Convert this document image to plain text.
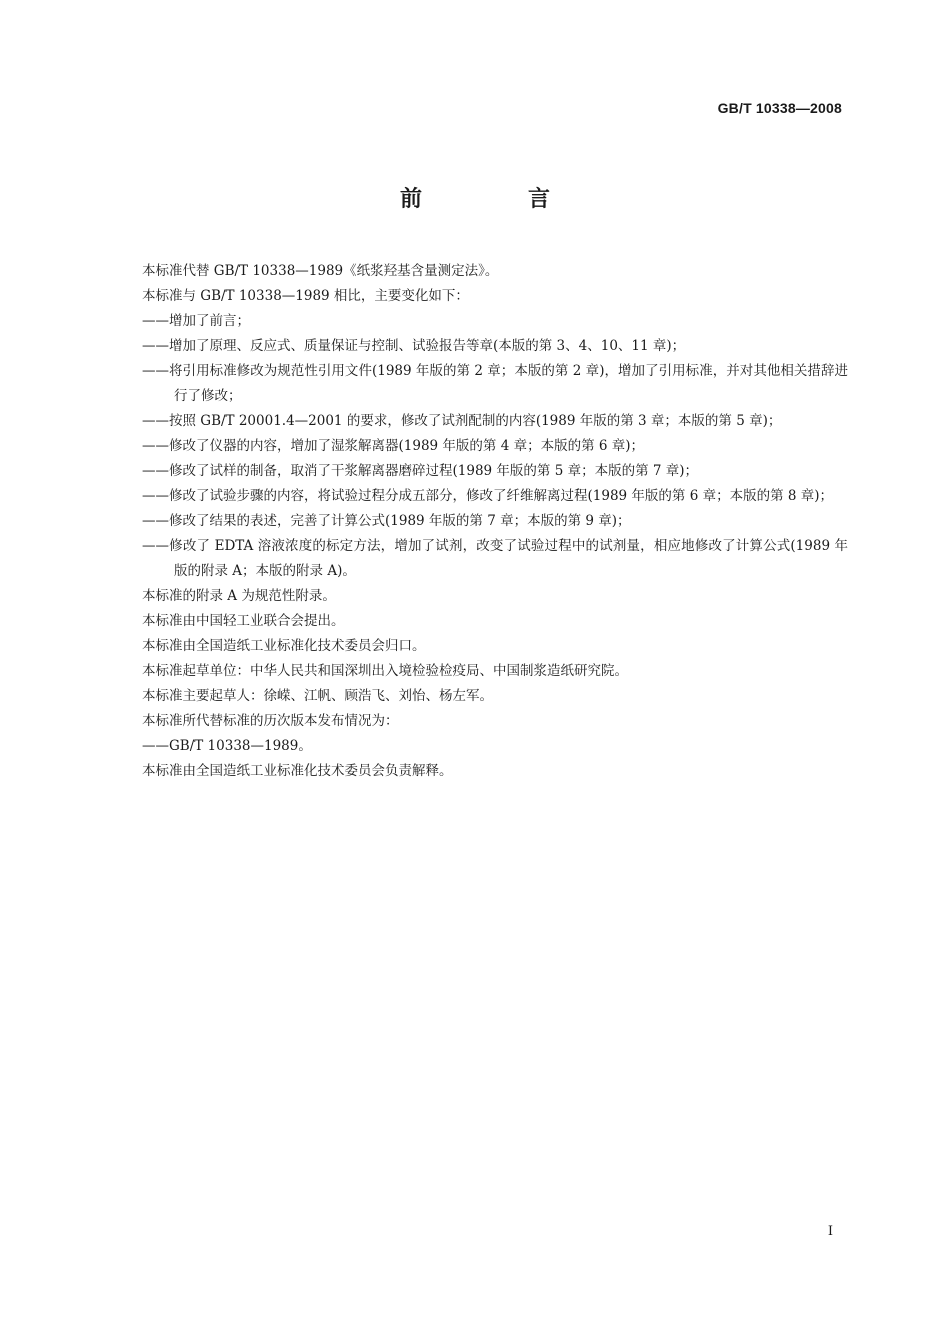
GB/T 10338—2008
前　言

本标准代替 GB/T 10338—1989《纸浆羟基含量测定法》。

本标准与 GB/T 10338—1989 相比，主要变化如下：

——增加了前言；

——增加了原理、反应式、质量保证与控制、试验报告等章(本版的第 3、4、10、11 章)；

——将引用标准修改为规范性引用文件(1989 年版的第 2 章；本版的第 2 章)，增加了引用标准，并对其他相关措辞进行了修改；

——按照 GB/T 20001.4—2001 的要求，修改了试剂配制的内容(1989 年版的第 3 章；本版的第 5 章)；

——修改了仪器的内容，增加了湿浆解离器(1989 年版的第 4 章；本版的第 6 章)；

——修改了试样的制备，取消了干浆解离器磨碎过程(1989 年版的第 5 章；本版的第 7 章)；

——修改了试验步骤的内容，将试验过程分成五部分，修改了纤维解离过程(1989 年版的第 6 章；本版的第 8 章)；

——修改了结果的表述，完善了计算公式(1989 年版的第 7 章；本版的第 9 章)；

——修改了 EDTA 溶液浓度的标定方法，增加了试剂，改变了试验过程中的试剂量，相应地修改了计算公式(1989 年版的附录 A；本版的附录 A)。

本标准的附录 A 为规范性附录。

本标准由中国轻工业联合会提出。

本标准由全国造纸工业标准化技术委员会归口。

本标准起草单位：中华人民共和国深圳出入境检验检疫局、中国制浆造纸研究院。

本标准主要起草人：徐嵘、江帆、顾浩飞、刘怡、杨左军。

本标准所代替标准的历次版本发布情况为：

——GB/T 10338—1989。

本标准由全国造纸工业标准化技术委员会负责解释。

I
